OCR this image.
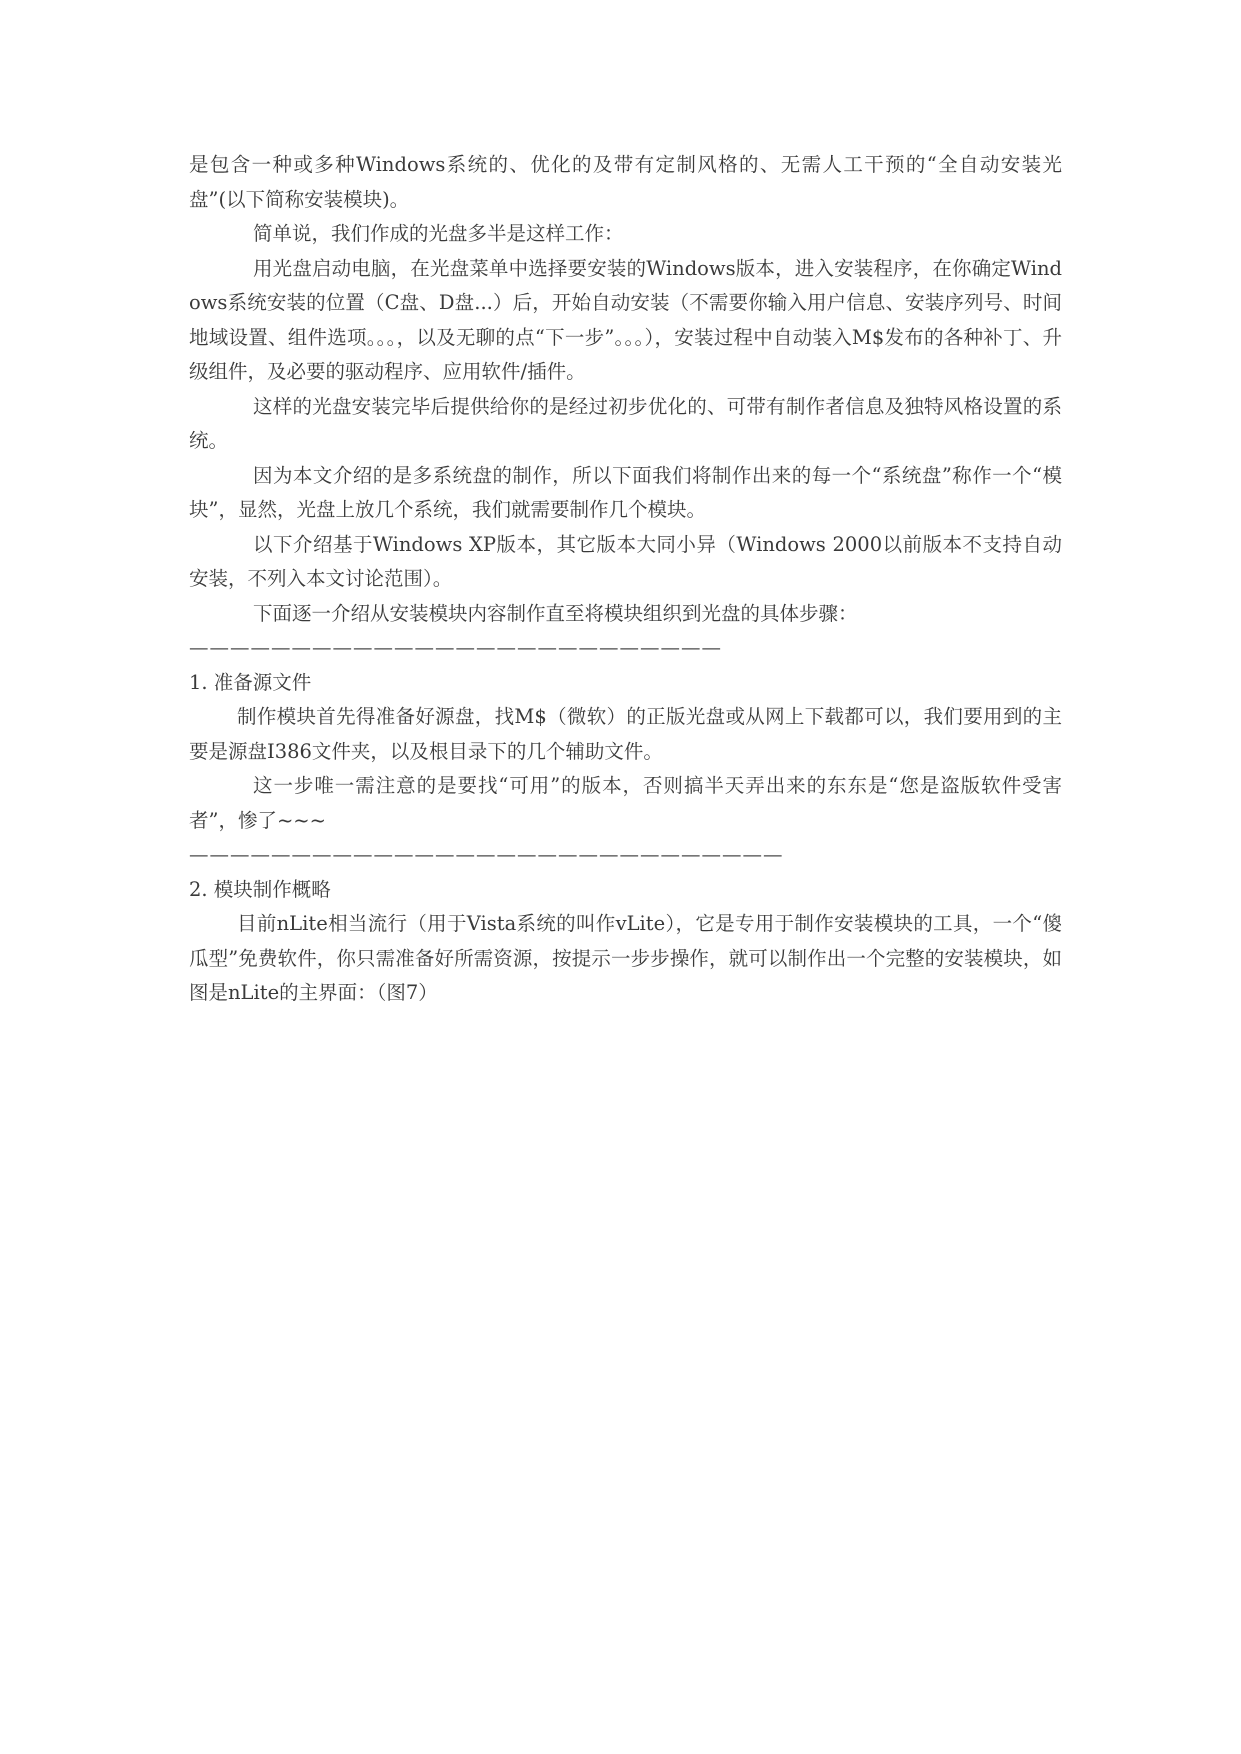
是包含一种或多种Windows系统的、优化的及带有定制风格的、无需人工干预的“全自动安装光盘”(以下简称安装模块)。

简单说，我们作成的光盘多半是这样工作：

用光盘启动电脑，在光盘菜单中选择要安装的Windows版本，进入安装程序，在你确定Windows系统安装的位置（C盘、D盘...）后，开始自动安装（不需要你输入用户信息、安装序列号、时间地域设置、组件选项。。。，以及无聊的点“下一步”。。。），安装过程中自动装入M$发布的各种补丁、升级组件，及必要的驱动程序、应用软件/插件。

这样的光盘安装完毕后提供给你的是经过初步优化的、可带有制作者信息及独特风格设置的系统。

因为本文介绍的是多系统盘的制作，所以下面我们将制作出来的每一个“系统盘”称作一个“模块”，显然，光盘上放几个系统，我们就需要制作几个模块。

以下介绍基于Windows XP版本，其它版本大同小异（Windows 2000以前版本不支持自动安装，不列入本文讨论范围）。

下面逐一介绍从安装模块内容制作直至将模块组织到光盘的具体步骤：

——————————————————————————

1. 准备源文件

制作模块首先得准备好源盘，找M$（微软）的正版光盘或从网上下载都可以，我们要用到的主要是源盘I386文件夹，以及根目录下的几个辅助文件。

这一步唯一需注意的是要找“可用”的版本，否则搞半天弄出来的东东是“您是盗版软件受害者”，惨了~~~

—————————————————————————————

2. 模块制作概略

目前nLite相当流行（用于Vista系统的叫作vLite），它是专用于制作安装模块的工具，一个“傻瓜型”免费软件，你只需准备好所需资源，按提示一步步操作，就可以制作出一个完整的安装模块，如图是nLite的主界面：（图7）
